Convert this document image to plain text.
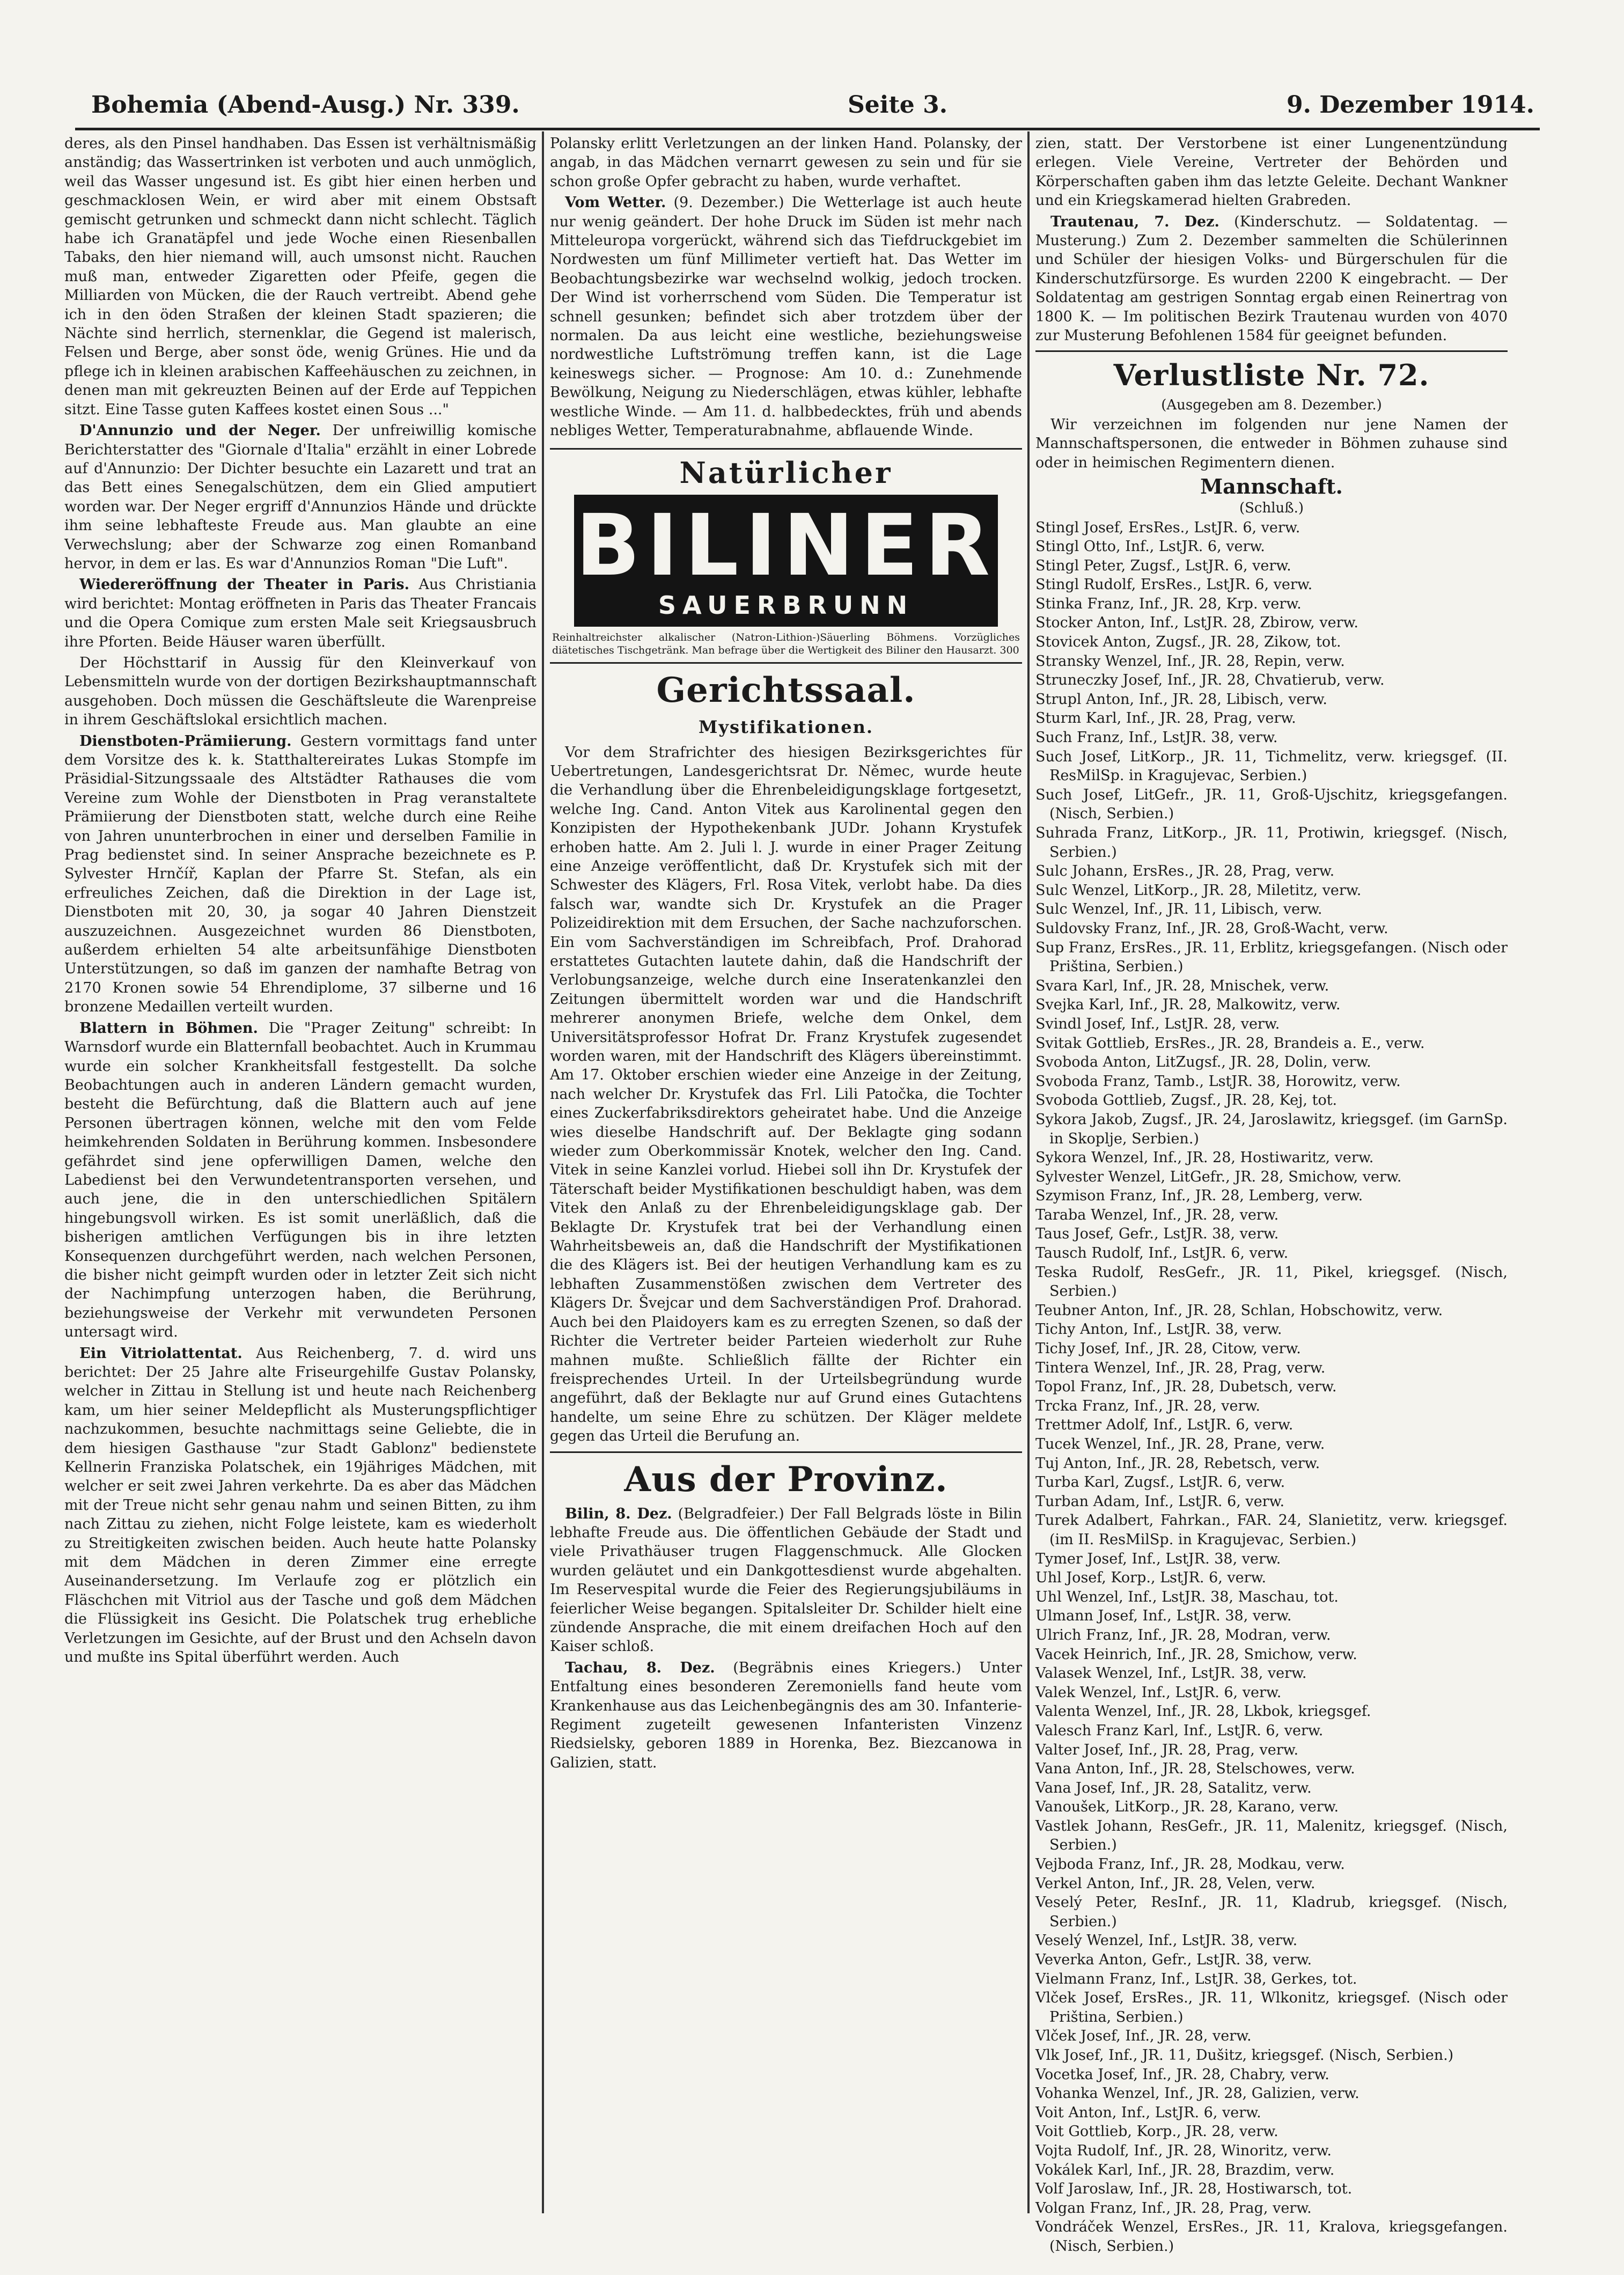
Bohemia (Abend-Ausg.) Nr. 339.	Seite 3.	9. Dezember 1914.

deres, als den Pinsel handhaben. Das Essen ist verhältnismäßig anständig; das Wassertrinken ist verboten und auch unmöglich, weil das Wasser ungesund ist. Es gibt hier einen herben und geschmacklosen Wein, er wird aber mit einem Obstsaft gemischt getrunken und schmeckt dann nicht schlecht. Täglich habe ich Granatäpfel und jede Woche einen Riesenballen Tabaks, den hier niemand will, auch umsonst nicht. Rauchen muß man, entweder Zigaretten oder Pfeife, gegen die Milliarden von Mücken, die der Rauch vertreibt. Abend gehe ich in den öden Straßen der kleinen Stadt spazieren; die Nächte sind herrlich, sternenklar, die Gegend ist malerisch, Felsen und Berge, aber sonst öde, wenig Grünes. Hie und da pflege ich in kleinen arabischen Kaffeehäuschen zu zeichnen, in denen man mit gekreuzten Beinen auf der Erde auf Teppichen sitzt. Eine Tasse guten Kaffees kostet einen Sous ..."

D'Annunzio und der Neger. Der unfreiwillig komische Berichterstatter des "Giornale d'Italia" erzählt in einer Lobrede auf d'Annunzio: Der Dichter besuchte ein Lazarett und trat an das Bett eines Senegalschützen, dem ein Glied amputiert worden war. Der Neger ergriff d'Annunzios Hände und drückte ihm seine lebhafteste Freude aus. Man glaubte an eine Verwechslung; aber der Schwarze zog einen Romanband hervor, in dem er las. Es war d'Annunzios Roman "Die Luft".

Wiedereröffnung der Theater in Paris. Aus Christiania wird berichtet: Montag eröffneten in Paris das Theater Francais und die Opera Comique zum ersten Male seit Kriegsausbruch ihre Pforten. Beide Häuser waren überfüllt.

Der Höchsttarif in Aussig für den Kleinverkauf von Lebensmitteln wurde von der dortigen Bezirkshauptmannschaft ausgehoben. Doch müssen die Geschäftsleute die Warenpreise in ihrem Geschäftslokal ersichtlich machen.

Dienstboten-Prämiierung. Gestern vormittags fand unter dem Vorsitze des k. k. Statthaltereirates Lukas Stompfe im Präsidial-Sitzungssaale des Altstädter Rathauses die vom Vereine zum Wohle der Dienstboten in Prag veranstaltete Prämiierung der Dienstboten statt, welche durch eine Reihe von Jahren ununterbrochen in einer und derselben Familie in Prag bedienstet sind. In seiner Ansprache bezeichnete es P. Sylvester Hrnčíř, Kaplan der Pfarre St. Stefan, als ein erfreuliches Zeichen, daß die Direktion in der Lage ist, Dienstboten mit 20, 30, ja sogar 40 Jahren Dienstzeit auszuzeichnen. Ausgezeichnet wurden 86 Dienstboten, außerdem erhielten 54 alte arbeitsunfähige Dienstboten Unterstützungen, so daß im ganzen der namhafte Betrag von 2170 Kronen sowie 54 Ehrendiplome, 37 silberne und 16 bronzene Medaillen verteilt wurden.

Blattern in Böhmen. Die "Prager Zeitung" schreibt: In Warnsdorf wurde ein Blatternfall beobachtet. Auch in Krummau wurde ein solcher Krankheitsfall festgestellt. Da solche Beobachtungen auch in anderen Ländern gemacht wurden, besteht die Befürchtung, daß die Blattern auch auf jene Personen übertragen können, welche mit den vom Felde heimkehrenden Soldaten in Berührung kommen. Insbesondere gefährdet sind jene opferwilligen Damen, welche den Labedienst bei den Verwundetentransporten versehen, und auch jene, die in den unterschiedlichen Spitälern hingebungsvoll wirken. Es ist somit unerläßlich, daß die bisherigen amtlichen Verfügungen bis in ihre letzten Konsequenzen durchgeführt werden, nach welchen Personen, die bisher nicht geimpft wurden oder in letzter Zeit sich nicht der Nachimpfung unterzogen haben, die Berührung, beziehungsweise der Verkehr mit verwundeten Personen untersagt wird.

Ein Vitriolattentat. Aus Reichenberg, 7. d. wird uns berichtet: Der 25 Jahre alte Friseurgehilfe Gustav Polansky, welcher in Zittau in Stellung ist und heute nach Reichenberg kam, um hier seiner Meldepflicht als Musterungspflichtiger nachzukommen, besuchte nachmittags seine Geliebte, die in dem hiesigen Gasthause "zur Stadt Gablonz" bedienstete Kellnerin Franziska Polatschek, ein 19jähriges Mädchen, mit welcher er seit zwei Jahren verkehrte. Da es aber das Mädchen mit der Treue nicht sehr genau nahm und seinen Bitten, zu ihm nach Zittau zu ziehen, nicht Folge leistete, kam es wiederholt zu Streitigkeiten zwischen beiden. Auch heute hatte Polansky mit dem Mädchen in deren Zimmer eine erregte Auseinandersetzung. Im Verlaufe zog er plötzlich ein Fläschchen mit Vitriol aus der Tasche und goß dem Mädchen die Flüssigkeit ins Gesicht. Die Polatschek trug erhebliche Verletzungen im Gesichte, auf der Brust und den Achseln davon und mußte ins Spital überführt werden. Auch

Polansky erlitt Verletzungen an der linken Hand. Polansky, der angab, in das Mädchen vernarrt gewesen zu sein und für sie schon große Opfer gebracht zu haben, wurde verhaftet.

Vom Wetter. (9. Dezember.) Die Wetterlage ist auch heute nur wenig geändert. Der hohe Druck im Süden ist mehr nach Mitteleuropa vorgerückt, während sich das Tiefdruckgebiet im Nordwesten um fünf Millimeter vertieft hat. Das Wetter im Beobachtungsbezirke war wechselnd wolkig, jedoch trocken. Der Wind ist vorherrschend vom Süden. Die Temperatur ist schnell gesunken; befindet sich aber trotzdem über der normalen. Da aus leicht eine westliche, beziehungsweise nordwestliche Luftströmung treffen kann, ist die Lage keineswegs sicher. — Prognose: Am 10. d.: Zunehmende Bewölkung, Neigung zu Niederschlägen, etwas kühler, lebhafte westliche Winde. — Am 11. d. halbbedecktes, früh und abends nebliges Wetter, Temperaturabnahme, abflauende Winde.

Natürlicher
BILINER
SAUERBRUNN
Reinhaltreichster alkalischer (Natron-Lithion-)Säuerling Böhmens. Vorzügliches diätetisches Tischgetränk. Man befrage über die Wertigkeit des Biliner den Hausarzt. 300
Gerichtssaal.
Mystifikationen.

Vor dem Strafrichter des hiesigen Bezirksgerichtes für Uebertretungen, Landesgerichtsrat Dr. Němec, wurde heute die Verhandlung über die Ehrenbeleidigungsklage fortgesetzt, welche Ing. Cand. Anton Vitek aus Karolinental gegen den Konzipisten der Hypothekenbank JUDr. Johann Krystufek erhoben hatte. Am 2. Juli l. J. wurde in einer Prager Zeitung eine Anzeige veröffentlicht, daß Dr. Krystufek sich mit der Schwester des Klägers, Frl. Rosa Vitek, verlobt habe. Da dies falsch war, wandte sich Dr. Krystufek an die Prager Polizeidirektion mit dem Ersuchen, der Sache nachzuforschen. Ein vom Sachverständigen im Schreibfach, Prof. Drahorad erstattetes Gutachten lautete dahin, daß die Handschrift der Verlobungsanzeige, welche durch eine Inseratenkanzlei den Zeitungen übermittelt worden war und die Handschrift mehrerer anonymen Briefe, welche dem Onkel, dem Universitätsprofessor Hofrat Dr. Franz Krystufek zugesendet worden waren, mit der Handschrift des Klägers übereinstimmt. Am 17. Oktober erschien wieder eine Anzeige in der Zeitung, nach welcher Dr. Krystufek das Frl. Lili Patočka, die Tochter eines Zuckerfabriksdirektors geheiratet habe. Und die Anzeige wies dieselbe Handschrift auf. Der Beklagte ging sodann wieder zum Oberkommissär Knotek, welcher den Ing. Cand. Vitek in seine Kanzlei vorlud. Hiebei soll ihn Dr. Krystufek der Täterschaft beider Mystifikationen beschuldigt haben, was dem Vitek den Anlaß zu der Ehrenbeleidigungsklage gab. Der Beklagte Dr. Krystufek trat bei der Verhandlung einen Wahrheitsbeweis an, daß die Handschrift der Mystifikationen die des Klägers ist. Bei der heutigen Verhandlung kam es zu lebhaften Zusammenstößen zwischen dem Vertreter des Klägers Dr. Švejcar und dem Sachverständigen Prof. Drahorad. Auch bei den Plaidoyers kam es zu erregten Szenen, so daß der Richter die Vertreter beider Parteien wiederholt zur Ruhe mahnen mußte. Schließlich fällte der Richter ein freisprechendes Urteil. In der Urteilsbegründung wurde angeführt, daß der Beklagte nur auf Grund eines Gutachtens handelte, um seine Ehre zu schützen. Der Kläger meldete gegen das Urteil die Berufung an.

Aus der Provinz.

Bilin, 8. Dez. (Belgradfeier.) Der Fall Belgrads löste in Bilin lebhafte Freude aus. Die öffentlichen Gebäude der Stadt und viele Privathäuser trugen Flaggenschmuck. Alle Glocken wurden geläutet und ein Dankgottesdienst wurde abgehalten. Im Reservespital wurde die Feier des Regierungsjubiläums in feierlicher Weise begangen. Spitalsleiter Dr. Schilder hielt eine zündende Ansprache, die mit einem dreifachen Hoch auf den Kaiser schloß.

Tachau, 8. Dez. (Begräbnis eines Kriegers.) Unter Entfaltung eines besonderen Zeremoniells fand heute vom Krankenhause aus das Leichenbegängnis des am 30. Infanterie-Regiment zugeteilt gewesenen Infanteristen Vinzenz Riedsielsky, geboren 1889 in Horenka, Bez. Biezcanowa in Galizien, statt.

zien, statt. Der Verstorbene ist einer Lungenentzündung erlegen. Viele Vereine, Vertreter der Behörden und Körperschaften gaben ihm das letzte Geleite. Dechant Wankner und ein Kriegskamerad hielten Grabreden.

Trautenau, 7. Dez. (Kinderschutz. — Soldatentag. — Musterung.) Zum 2. Dezember sammelten die Schülerinnen und Schüler der hiesigen Volks- und Bürgerschulen für die Kinderschutzfürsorge. Es wurden 2200 K eingebracht. — Der Soldatentag am gestrigen Sonntag ergab einen Reinertrag von 1800 K. — Im politischen Bezirk Trautenau wurden von 4070 zur Musterung Befohlenen 1584 für geeignet befunden.

Verlustliste Nr. 72.
(Ausgegeben am 8. Dezember.)

Wir verzeichnen im folgenden nur jene Namen der Mannschaftspersonen, die entweder in Böhmen zuhause sind oder in heimischen Regimentern dienen.

Mannschaft.
(Schluß.)
Stingl Josef, ErsRes., LstJR. 6, verw.
Stingl Otto, Inf., LstJR. 6, verw.
Stingl Peter, Zugsf., LstJR. 6, verw.
Stingl Rudolf, ErsRes., LstJR. 6, verw.
Stinka Franz, Inf., JR. 28, Krp. verw.
Stocker Anton, Inf., LstJR. 28, Zbirow, verw.
Stovicek Anton, Zugsf., JR. 28, Zikow, tot.
Stransky Wenzel, Inf., JR. 28, Repin, verw.
Struneczky Josef, Inf., JR. 28, Chvatierub, verw.
Strupl Anton, Inf., JR. 28, Libisch, verw.
Sturm Karl, Inf., JR. 28, Prag, verw.
Such Franz, Inf., LstJR. 38, verw.
Such Josef, LitKorp., JR. 11, Tichmelitz, verw. kriegsgef. (II. ResMilSp. in Kragujevac, Serbien.)
Such Josef, LitGefr., JR. 11, Groß-Ujschitz, kriegsgefangen. (Nisch, Serbien.)
Suhrada Franz, LitKorp., JR. 11, Protiwin, kriegsgef. (Nisch, Serbien.)
Sulc Johann, ErsRes., JR. 28, Prag, verw.
Sulc Wenzel, LitKorp., JR. 28, Miletitz, verw.
Sulc Wenzel, Inf., JR. 11, Libisch, verw.
Suldovsky Franz, Inf., JR. 28, Groß-Wacht, verw.
Sup Franz, ErsRes., JR. 11, Erblitz, kriegsgefangen. (Nisch oder Priština, Serbien.)
Svara Karl, Inf., JR. 28, Mnischek, verw.
Svejka Karl, Inf., JR. 28, Malkowitz, verw.
Svindl Josef, Inf., LstJR. 28, verw.
Svitak Gottlieb, ErsRes., JR. 28, Brandeis a. E., verw.
Svoboda Anton, LitZugsf., JR. 28, Dolin, verw.
Svoboda Franz, Tamb., LstJR. 38, Horowitz, verw.
Svoboda Gottlieb, Zugsf., JR. 28, Kej, tot.
Sykora Jakob, Zugsf., JR. 24, Jaroslawitz, kriegsgef. (im GarnSp. in Skoplje, Serbien.)
Sykora Wenzel, Inf., JR. 28, Hostiwaritz, verw.
Sylvester Wenzel, LitGefr., JR. 28, Smichow, verw.
Szymison Franz, Inf., JR. 28, Lemberg, verw.
Taraba Wenzel, Inf., JR. 28, verw.
Taus Josef, Gefr., LstJR. 38, verw.
Tausch Rudolf, Inf., LstJR. 6, verw.
Teska Rudolf, ResGefr., JR. 11, Pikel, kriegsgef. (Nisch, Serbien.)
Teubner Anton, Inf., JR. 28, Schlan, Hobschowitz, verw.
Tichy Anton, Inf., LstJR. 38, verw.
Tichy Josef, Inf., JR. 28, Citow, verw.
Tintera Wenzel, Inf., JR. 28, Prag, verw.
Topol Franz, Inf., JR. 28, Dubetsch, verw.
Trcka Franz, Inf., JR. 28, verw.
Trettmer Adolf, Inf., LstJR. 6, verw.
Tucek Wenzel, Inf., JR. 28, Prane, verw.
Tuj Anton, Inf., JR. 28, Rebetsch, verw.
Turba Karl, Zugsf., LstJR. 6, verw.
Turban Adam, Inf., LstJR. 6, verw.
Turek Adalbert, Fahrkan., FAR. 24, Slanietitz, verw. kriegsgef. (im II. ResMilSp. in Kragujevac, Serbien.)
Tymer Josef, Inf., LstJR. 38, verw.
Uhl Josef, Korp., LstJR. 6, verw.
Uhl Wenzel, Inf., LstJR. 38, Maschau, tot.
Ulmann Josef, Inf., LstJR. 38, verw.
Ulrich Franz, Inf., JR. 28, Modran, verw.
Vacek Heinrich, Inf., JR. 28, Smichow, verw.
Valasek Wenzel, Inf., LstJR. 38, verw.
Valek Wenzel, Inf., LstJR. 6, verw.
Valenta Wenzel, Inf., JR. 28, Lkbok, kriegsgef.
Valesch Franz Karl, Inf., LstJR. 6, verw.
Valter Josef, Inf., JR. 28, Prag, verw.
Vana Anton, Inf., JR. 28, Stelschowes, verw.
Vana Josef, Inf., JR. 28, Satalitz, verw.
Vanoušek, LitKorp., JR. 28, Karano, verw.
Vastlek Johann, ResGefr., JR. 11, Malenitz, kriegsgef. (Nisch, Serbien.)
Vejboda Franz, Inf., JR. 28, Modkau, verw.
Verkel Anton, Inf., JR. 28, Velen, verw.
Veselý Peter, ResInf., JR. 11, Kladrub, kriegsgef. (Nisch, Serbien.)
Veselý Wenzel, Inf., LstJR. 38, verw.
Veverka Anton, Gefr., LstJR. 38, verw.
Vielmann Franz, Inf., LstJR. 38, Gerkes, tot.
Vlček Josef, ErsRes., JR. 11, Wlkonitz, kriegsgef. (Nisch oder Priština, Serbien.)
Vlček Josef, Inf., JR. 28, verw.
Vlk Josef, Inf., JR. 11, Dušitz, kriegsgef. (Nisch, Serbien.)
Vocetka Josef, Inf., JR. 28, Chabry, verw.
Vohanka Wenzel, Inf., JR. 28, Galizien, verw.
Voit Anton, Inf., LstJR. 6, verw.
Voit Gottlieb, Korp., JR. 28, verw.
Vojta Rudolf, Inf., JR. 28, Winoritz, verw.
Vokálek Karl, Inf., JR. 28, Brazdim, verw.
Volf Jaroslaw, Inf., JR. 28, Hostiwarsch, tot.
Volgan Franz, Inf., JR. 28, Prag, verw.
Vondráček Wenzel, ErsRes., JR. 11, Kralova, kriegsgefangen. (Nisch, Serbien.)
